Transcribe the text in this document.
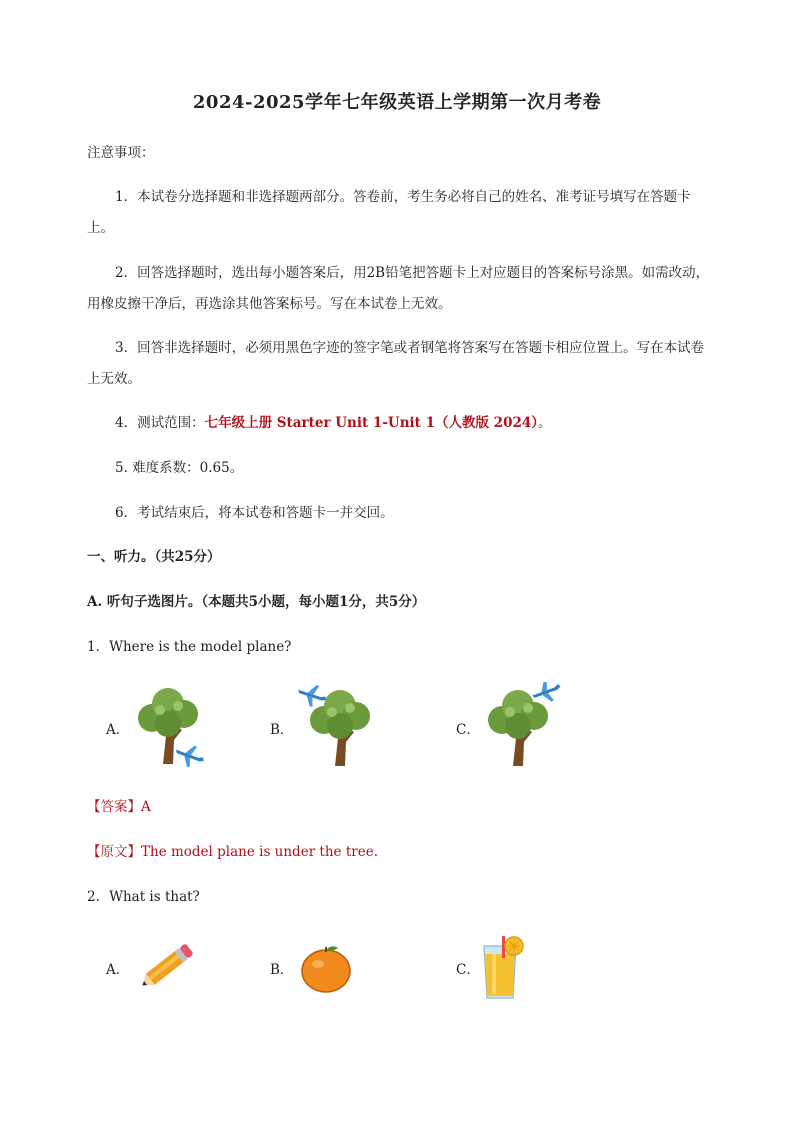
2024-2025学年七年级英语上学期第一次月考卷
注意事项：
1．本试卷分选择题和非选择题两部分。答卷前，考生务必将自己的姓名、准考证号填写在答题卡上。
2．回答选择题时，选出每小题答案后，用2B铅笔把答题卡上对应题目的答案标号涂黑。如需改动，用橡皮擦干净后，再选涂其他答案标号。写在本试卷上无效。
3．回答非选择题时，必须用黑色字迹的签字笔或者钢笔将答案写在答题卡相应位置上。写在本试卷上无效。
4．测试范围：七年级上册 Starter Unit 1-Unit 1（人教版 2024）。
5. 难度系数：0.65。
6．考试结束后，将本试卷和答题卡一并交回。
一、听力。（共25分）
A. 听句子选图片。（本题共5小题，每小题1分，共5分）
1．Where is the model plane?
A．	B．	C．
【答案】A
【原文】The model plane is under the tree.
2．What is that?
A．	B．	C．
